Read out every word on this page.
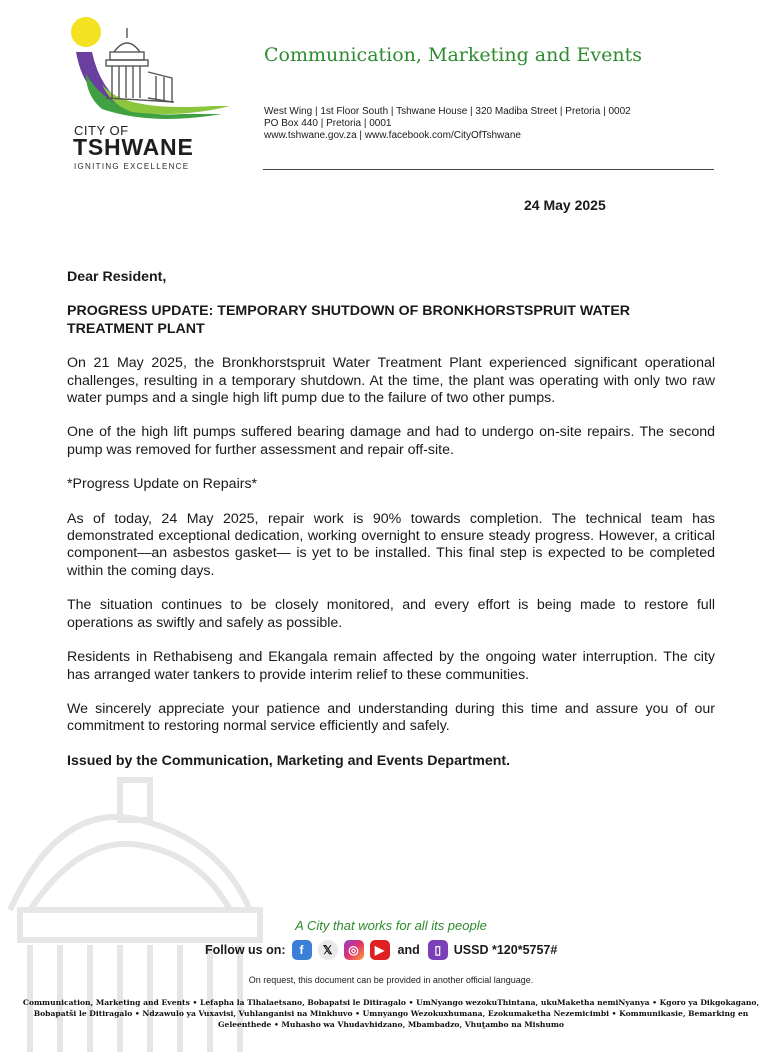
CITY OF
TSHWANE
IGNITING EXCELLENCE
Communication, Marketing and Events
West Wing | 1st Floor South | Tshwane House | 320 Madiba Street | Pretoria | 0002
PO Box 440 | Pretoria | 0001
www.tshwane.gov.za | www.facebook.com/CityOfTshwane
24 May 2025
Dear Resident,
PROGRESS UPDATE: TEMPORARY SHUTDOWN OF BRONKHORSTSPRUIT WATER TREATMENT PLANT
On 21 May 2025, the Bronkhorstspruit Water Treatment Plant experienced significant operational challenges, resulting in a temporary shutdown. At the time, the plant was operating with only two raw water pumps and a single high lift pump due to the failure of two other pumps.
One of the high lift pumps suffered bearing damage and had to undergo on-site repairs. The second pump was removed for further assessment and repair off-site.
*Progress Update on Repairs*
As of today, 24 May 2025, repair work is 90% towards completion. The technical team has demonstrated exceptional dedication, working overnight to ensure steady progress. However, a critical component—an asbestos gasket— is yet to be installed. This final step is expected to be completed within the coming days.
The situation continues to be closely monitored, and every effort is being made to restore full operations as swiftly and safely as possible.
Residents in Rethabiseng and Ekangala remain affected by the ongoing water interruption. The city has arranged water tankers to provide interim relief to these communities.
We sincerely appreciate your patience and understanding during this time and assure you of our commitment to restoring normal service efficiently and safely.
Issued by the Communication, Marketing and Events Department.
A City that works for all its people
Follow us on:	f	𝕏	◎	▶	and	▯	USSD *120*5757#
On request, this document can be provided in another official language.
Communication, Marketing and Events • Lefapha la Tlhalaetsano, Bobapatsi le Ditiragalo • UmNyango wezokuThintana, ukuMaketha nemiNyanya • Kgoro ya Dikgokagano, Bobapatši le Ditiragalo • Ndzawulo ya Vuxavisi, Vuhlanganisi na Minkhuvo • Umnyango Wezokuxhumana, Ezokumaketha Nezemicimbi • Kommunikasie, Bemarking en Geleenthede • Muhasho wa Vhudavhidzano, Mbambadzo, Vhuṱambo na Mishumo
